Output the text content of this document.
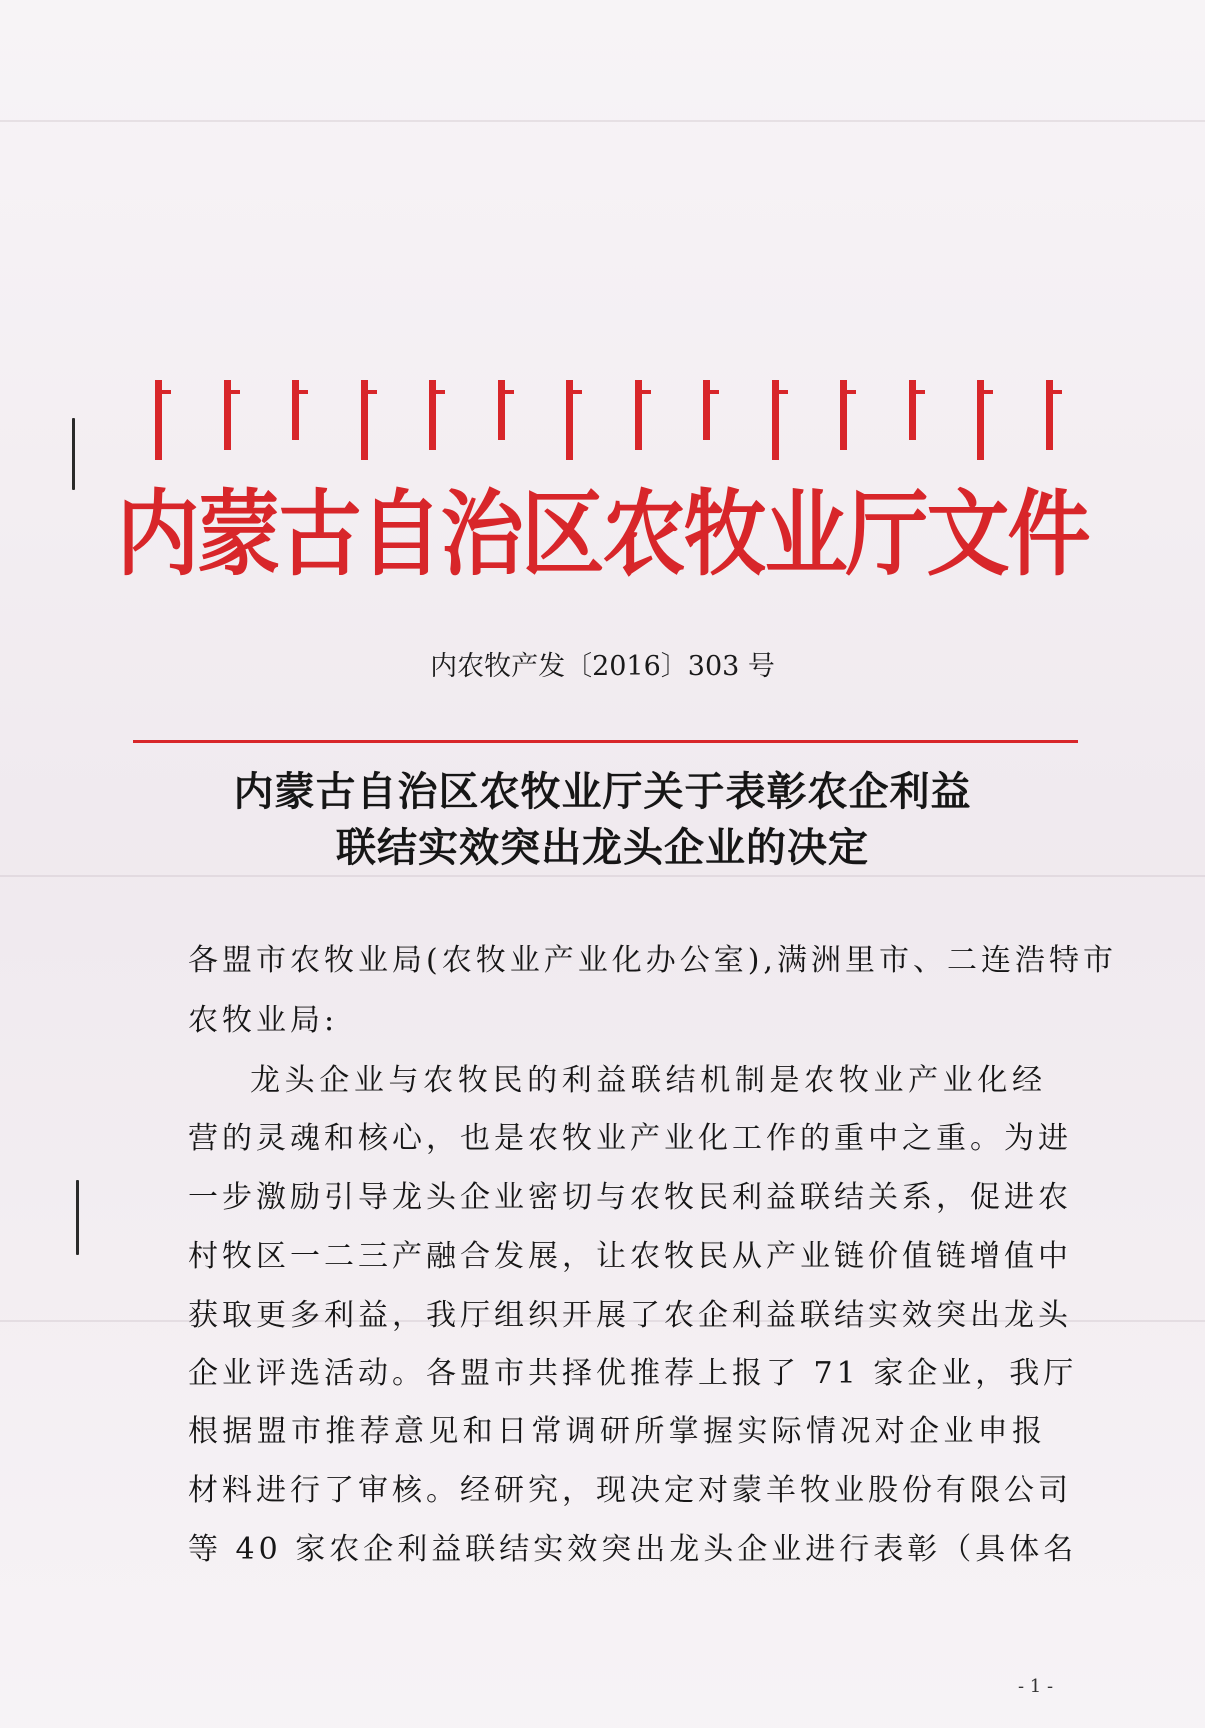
内蒙古自治区农牧业厅文件
内农牧产发〔2016〕303 号
内蒙古自治区农牧业厅关于表彰农企利益
联结实效突出龙头企业的决定
各盟市农牧业局(农牧业产业化办公室),满洲里市、二连浩特市
农牧业局:
龙头企业与农牧民的利益联结机制是农牧业产业化经
营的灵魂和核心，也是农牧业产业化工作的重中之重。为进
一步激励引导龙头企业密切与农牧民利益联结关系，促进农
村牧区一二三产融合发展，让农牧民从产业链价值链增值中
获取更多利益，我厅组织开展了农企利益联结实效突出龙头
企业评选活动。各盟市共择优推荐上报了 71 家企业，我厅
根据盟市推荐意见和日常调研所掌握实际情况对企业申报
材料进行了审核。经研究，现决定对蒙羊牧业股份有限公司
等 40 家农企利益联结实效突出龙头企业进行表彰（具体名
- 1 -
